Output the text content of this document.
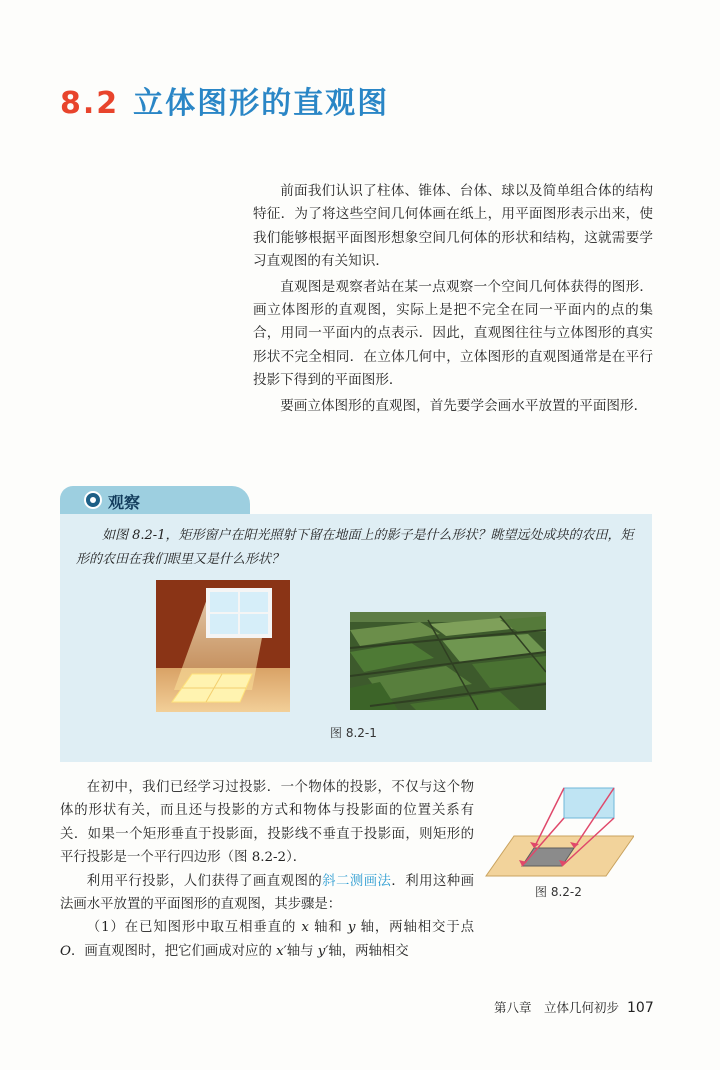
8.2 立体图形的直观图

前面我们认识了柱体、锥体、台体、球以及简单组合体的结构特征．为了将这些空间几何体画在纸上，用平面图形表示出来，使我们能够根据平面图形想象空间几何体的形状和结构，这就需要学习直观图的有关知识．

直观图是观察者站在某一点观察一个空间几何体获得的图形．画立体图形的直观图，实际上是把不完全在同一平面内的点的集合，用同一平面内的点表示．因此，直观图往往与立体图形的真实形状不完全相同．在立体几何中，立体图形的直观图通常是在平行投影下得到的平面图形．

要画立体图形的直观图，首先要学会画水平放置的平面图形．

观察

如图 8.2-1，矩形窗户在阳光照射下留在地面上的影子是什么形状？眺望远处成块的农田，矩形的农田在我们眼里又是什么形状？

图 8.2-1

在初中，我们已经学习过投影．一个物体的投影，不仅与这个物体的形状有关，而且还与投影的方式和物体与投影面的位置关系有关．如果一个矩形垂直于投影面，投影线不垂直于投影面，则矩形的平行投影是一个平行四边形（图 8.2-2）．

利用平行投影，人们获得了画直观图的斜二测画法．利用这种画法画水平放置的平面图形的直观图，其步骤是：

（1）在已知图形中取互相垂直的 x 轴和 y 轴，两轴相交于点 O．画直观图时，把它们画成对应的 x′轴与 y′轴，两轴相交

图 8.2-2
第八章　立体几何初步 107
